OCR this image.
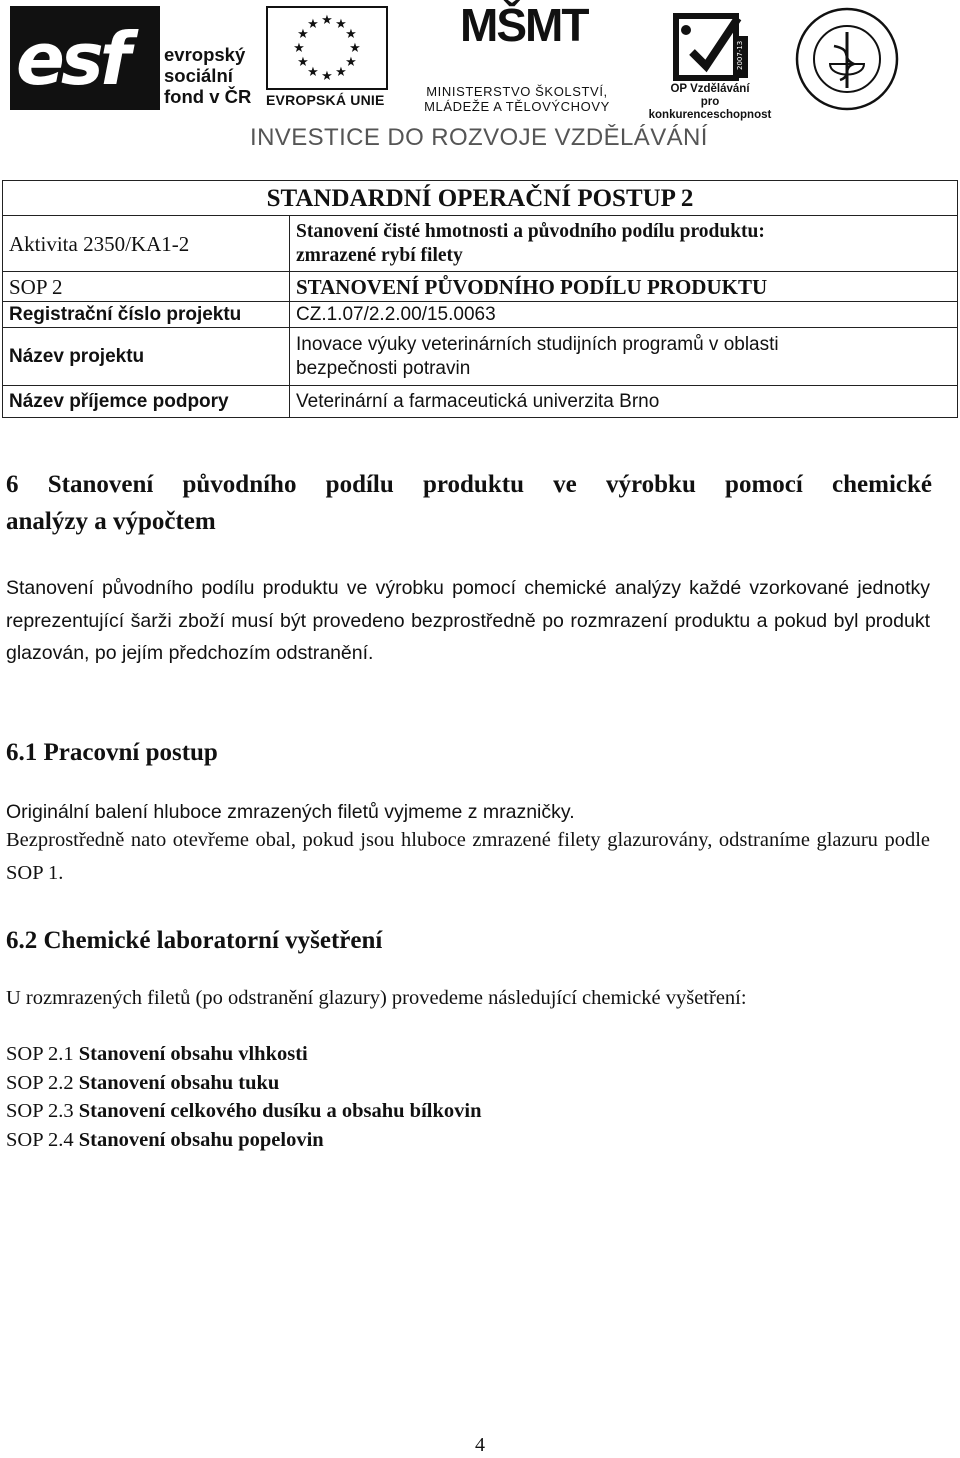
esf evropský
sociální
fond v ČR
★ ★
★
★
★
★
★
★
★
★
★
★
EVROPSKÁ UNIE
MŠMT
MINISTERSTVO ŠKOLSTVÍ,
MLÁDEŽE A TĚLOVÝCHOVY
2007-13
OP Vzdělávání
pro konkurenceschopnost
INVESTICE DO ROZVOJE VZDĚLÁVÁNÍ
STANDARDNÍ OPERAČNÍ POSTUP 2	
Aktivita 2350/KA1-2	Stanovení čisté hmotnosti a původního podílu produktu:
zmrazené rybí filety

SOP 2	STANOVENÍ PŮVODNÍHO PODÍLU PRODUKTU
Registrační číslo projektu	CZ.1.07/2.2.00/15.0063
Název projektu	Inovace výuky veterinárních studijních programů v oblasti
bezpečnosti potravin

Název příjemce podpory	Veterinární a farmaceutická univerzita Brno
6 Stanovení původního podílu produktu ve výrobku pomocí chemické
analýzy a výpočtem
Stanovení původního podílu produktu ve výrobku pomocí chemické analýzy každé vzorkované jednotky reprezentující šarži zboží musí být provedeno bezprostředně po rozmrazení produktu a pokud byl produkt glazován, po jejím předchozím odstranění.
6.1 Pracovní postup
Originální balení hluboce zmrazených filetů vyjmeme z mrazničky.
Bezprostředně nato otevřeme obal, pokud jsou hluboce zmrazené filety glazurovány, odstraníme glazuru podle SOP 1.
6.2 Chemické laboratorní vyšetření
U rozmrazených filetů (po odstranění glazury) provedeme následující chemické vyšetření:
SOP 2.1 Stanovení obsahu vlhkosti
SOP 2.2 Stanovení obsahu tuku
SOP 2.3 Stanovení celkového dusíku a obsahu bílkovin
SOP 2.4 Stanovení obsahu popelovin
4
